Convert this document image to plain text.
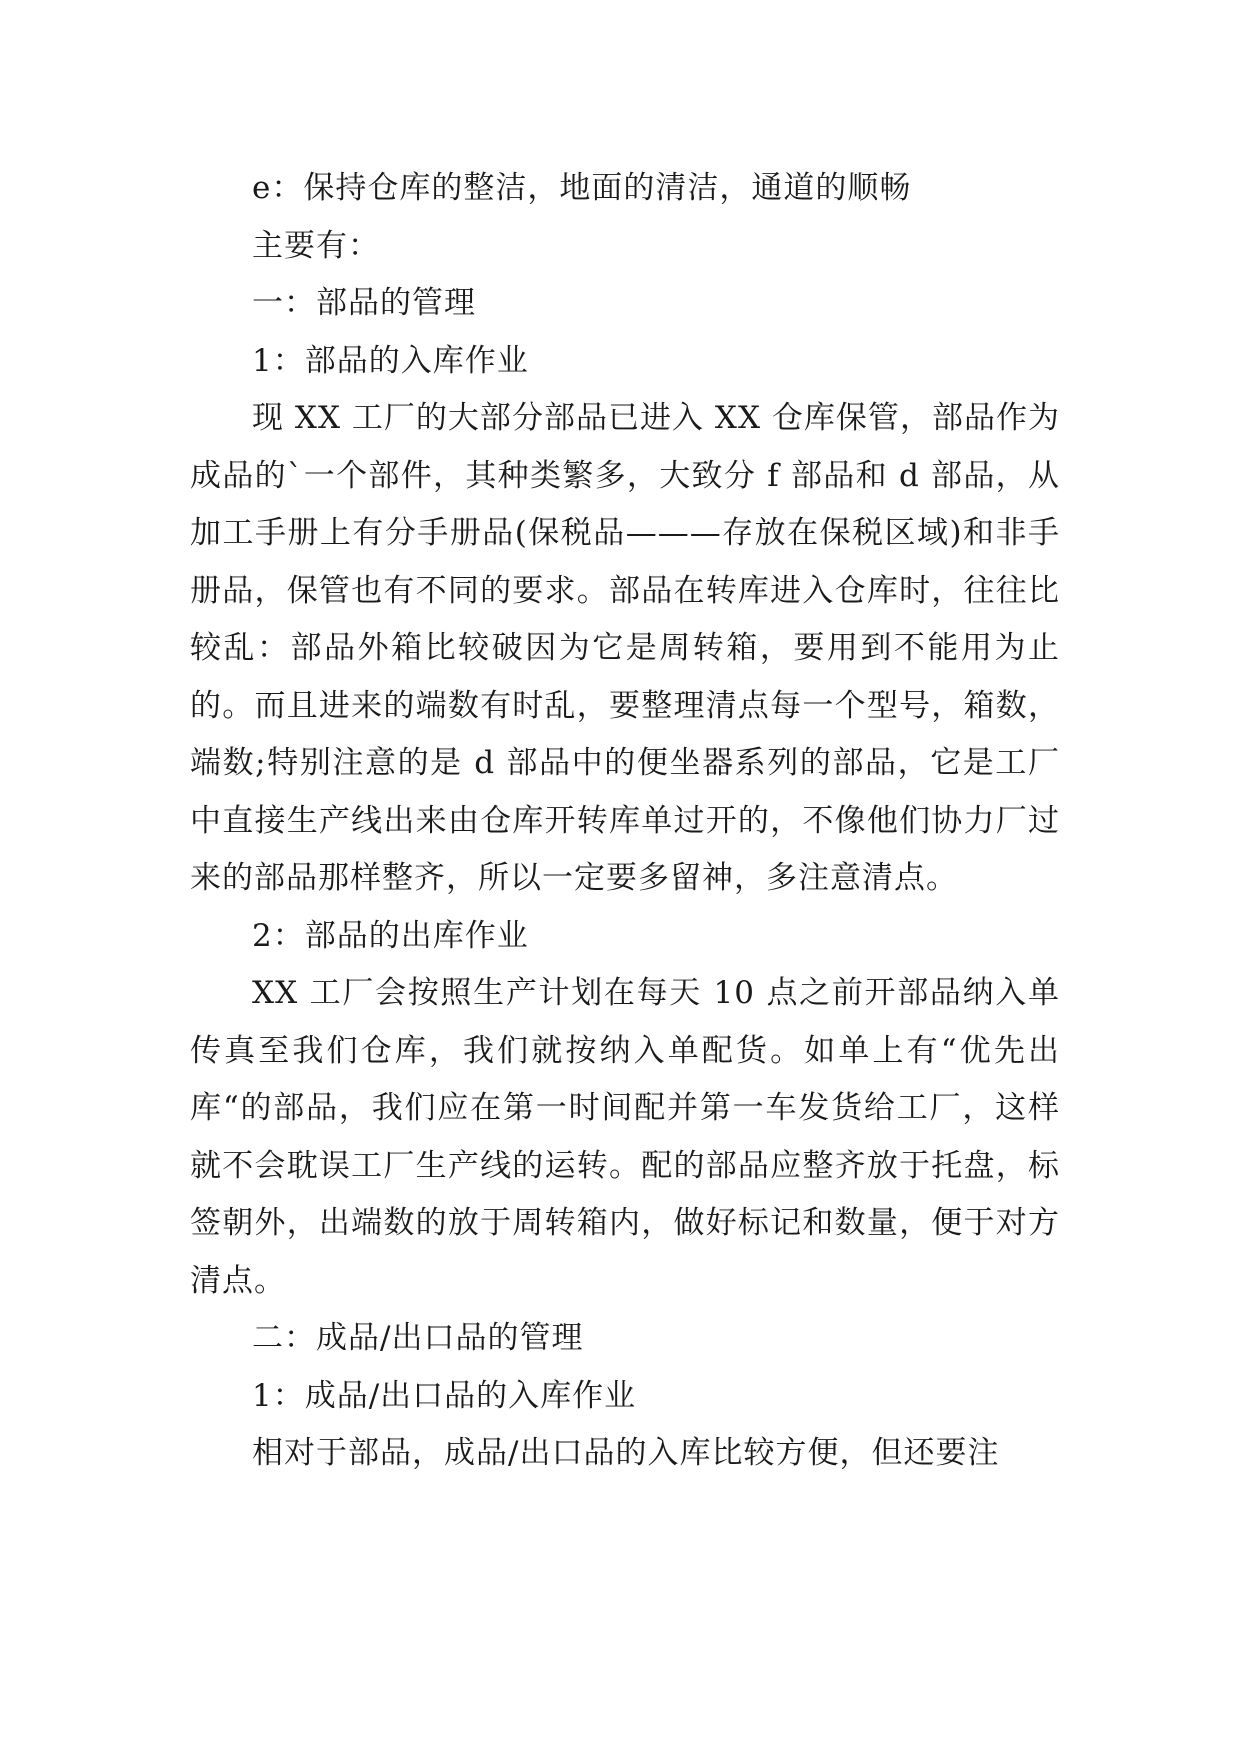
e：保持仓库的整洁，地面的清洁，通道的顺畅

主要有：

一：部品的管理

1：部品的入库作业

现 XX 工厂的大部分部品已进入 XX 仓库保管，部品作为成品的`一个部件，其种类繁多，大致分 f 部品和 d 部品，从加工手册上有分手册品(保税品———存放在保税区域)和非手册品，保管也有不同的要求。部品在转库进入仓库时，往往比较乱：部品外箱比较破因为它是周转箱，要用到不能用为止的。而且进来的端数有时乱，要整理清点每一个型号，箱数，端数;特别注意的是 d 部品中的便坐器系列的部品，它是工厂中直接生产线出来由仓库开转库单过开的，不像他们协力厂过来的部品那样整齐，所以一定要多留神，多注意清点。

2：部品的出库作业

XX 工厂会按照生产计划在每天 10 点之前开部品纳入单传真至我们仓库，我们就按纳入单配货。如单上有“优先出库“的部品，我们应在第一时间配并第一车发货给工厂，这样就不会耽误工厂生产线的运转。配的部品应整齐放于托盘，标签朝外，出端数的放于周转箱内，做好标记和数量，便于对方清点。

二：成品/出口品的管理

1：成品/出口品的入库作业

相对于部品，成品/出口品的入库比较方便，但还要注
